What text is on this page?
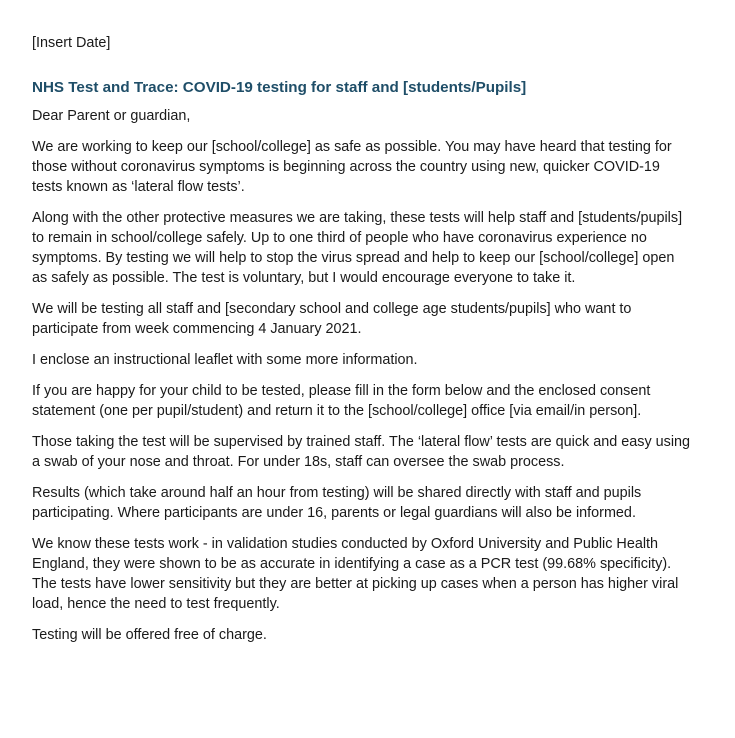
[Insert Date]

NHS Test and Trace: COVID-19 testing for staff and [students/Pupils]

Dear Parent or guardian,

We are working to keep our [school/college] as safe as possible. You may have heard that testing for those without coronavirus symptoms is beginning across the country using new, quicker COVID-19 tests known as ‘lateral flow tests’.

Along with the other protective measures we are taking, these tests will help staff and [students/pupils] to remain in school/college safely. Up to one third of people who have coronavirus experience no symptoms. By testing we will help to stop the virus spread and help to keep our [school/college] open as safely as possible. The test is voluntary, but I would encourage everyone to take it.

We will be testing all staff and [secondary school and college age students/pupils] who want to participate from week commencing 4 January 2021.

I enclose an instructional leaflet with some more information.

If you are happy for your child to be tested, please fill in the form below and the enclosed consent statement (one per pupil/student) and return it to the [school/college] office [via email/in person].

Those taking the test will be supervised by trained staff. The ‘lateral flow’ tests are quick and easy using a swab of your nose and throat. For under 18s, staff can oversee the swab process.

Results (which take around half an hour from testing) will be shared directly with staff and pupils participating. Where participants are under 16, parents or legal guardians will also be informed.

We know these tests work - in validation studies conducted by Oxford University and Public Health England, they were shown to be as accurate in identifying a case as a PCR test (99.68% specificity). The tests have lower sensitivity but they are better at picking up cases when a person has higher viral load, hence the need to test frequently.

Testing will be offered free of charge.
